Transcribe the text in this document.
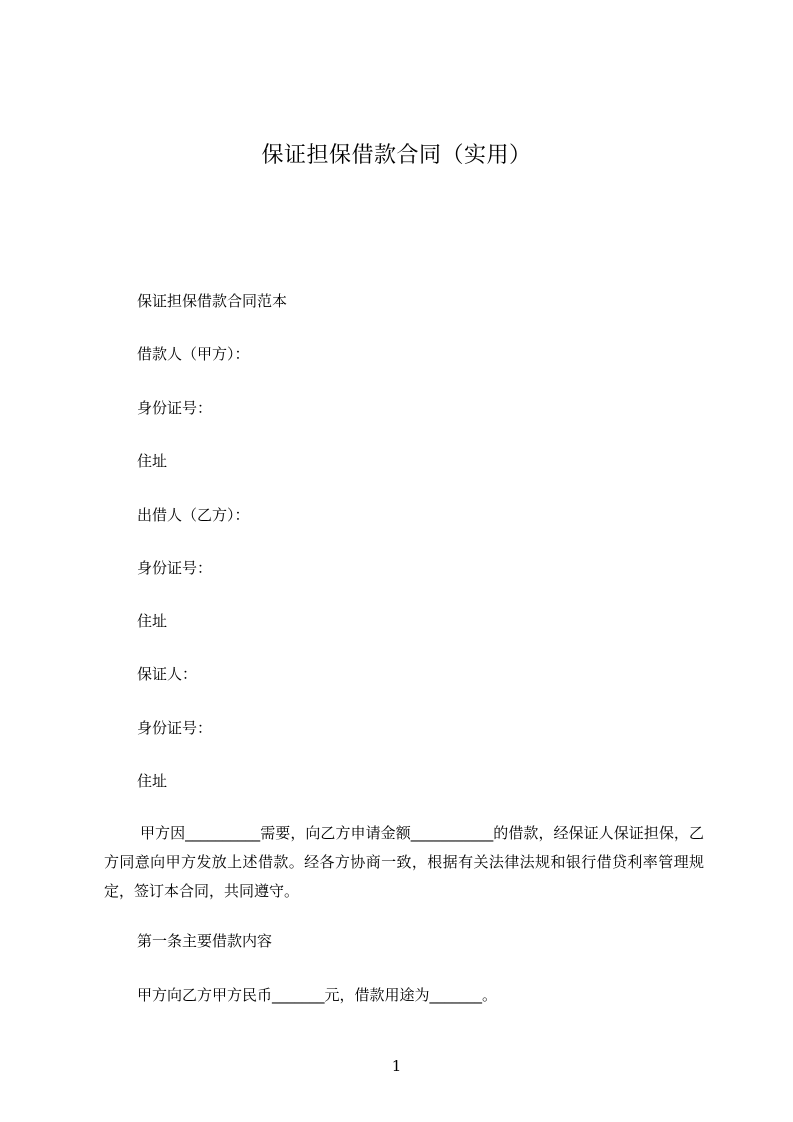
保证担保借款合同（实用）
保证担保借款合同范本
借款人（甲方）：
身份证号：
住址
出借人（乙方）：
身份证号：
住址
保证人：
身份证号：
住址
甲方因__________需要，向乙方申请金额___________的借款，经保证人保证担保，乙方同意向甲方发放上述借款。经各方协商一致，根据有关法律法规和银行借贷利率管理规定，签订本合同，共同遵守。
第一条主要借款内容
甲方向乙方甲方民币_______元，借款用途为_______。
1
